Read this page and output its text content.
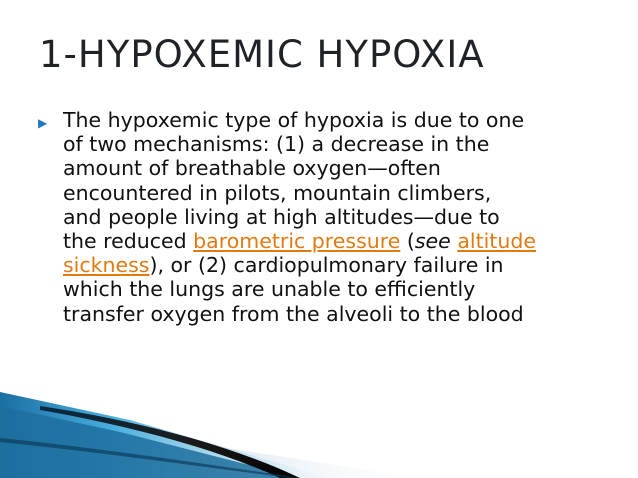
1-HYPOXEMIC HYPOXIA
▶ The hypoxemic type of hypoxia is due to one
of two mechanisms: (1) a decrease in the
amount of breathable oxygen—often
encountered in pilots, mountain climbers,
and people living at high altitudes—due to
the reduced barometric pressure (see altitude
sickness), or (2) cardiopulmonary failure in
which the lungs are unable to efficiently
transfer oxygen from the alveoli to the blood
